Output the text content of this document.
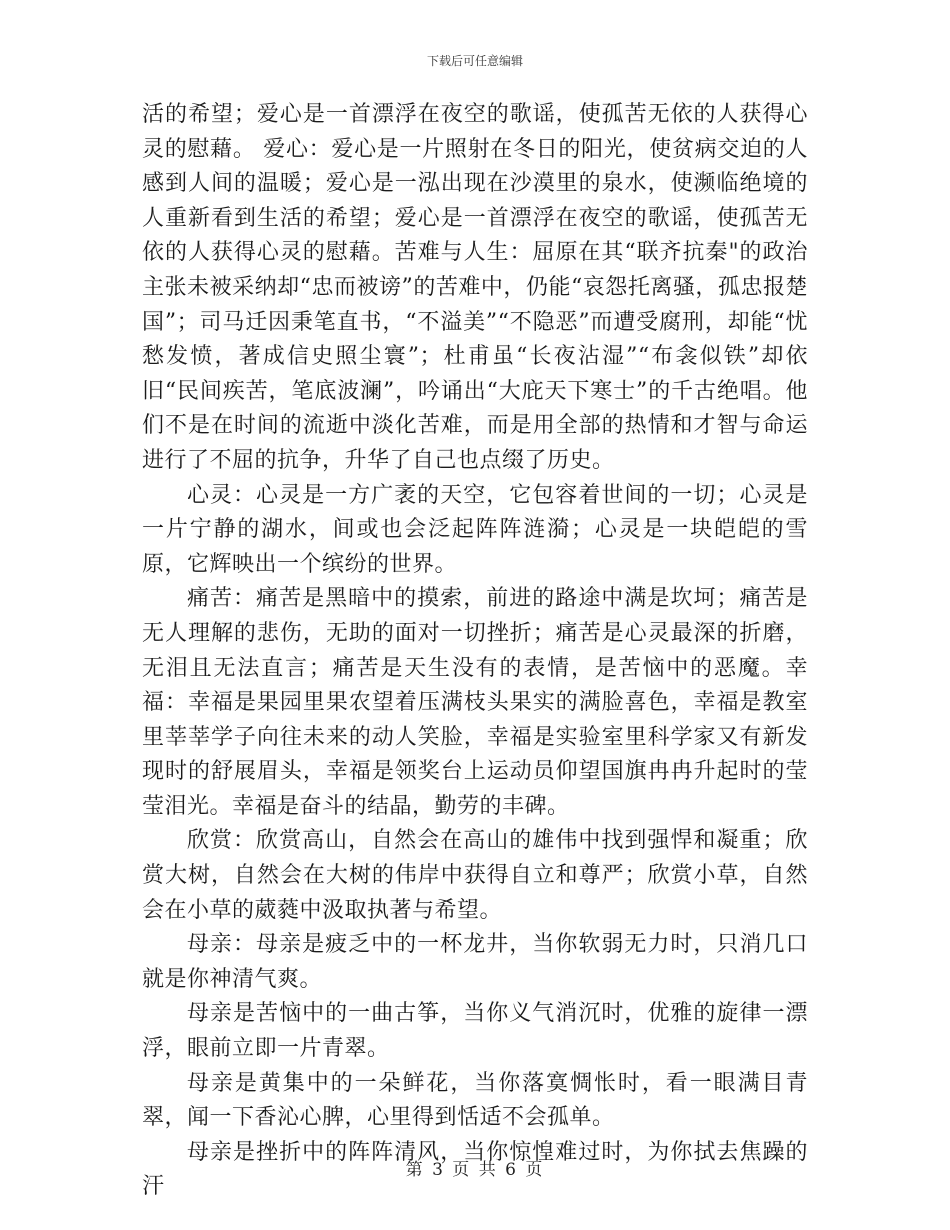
下载后可任意编辑

活的希望；爱心是一首漂浮在夜空的歌谣，使孤苦无依的人获得心灵的慰藉。 爱心：爱心是一片照射在冬日的阳光，使贫病交迫的人感到人间的温暖；爱心是一泓出现在沙漠里的泉水，使濒临绝境的人重新看到生活的希望；爱心是一首漂浮在夜空的歌谣，使孤苦无依的人获得心灵的慰藉。苦难与人生：屈原在其“联齐抗秦"的政治主张未被采纳却“忠而被谤”的苦难中，仍能“哀怨托离骚，孤忠报楚国”；司马迁因秉笔直书，“不溢美”“不隐恶”而遭受腐刑，却能“忧愁发愤，著成信史照尘寰”；杜甫虽“长夜沾湿”“布衾似铁”却依旧“民间疾苦，笔底波澜”，吟诵出“大庇天下寒士”的千古绝唱。他们不是在时间的流逝中淡化苦难，而是用全部的热情和才智与命运进行了不屈的抗争，升华了自己也点缀了历史。

心灵：心灵是一方广袤的天空，它包容着世间的一切；心灵是一片宁静的湖水，间或也会泛起阵阵涟漪；心灵是一块皑皑的雪原，它辉映出一个缤纷的世界。

痛苦：痛苦是黑暗中的摸索，前进的路途中满是坎坷；痛苦是无人理解的悲伤，无助的面对一切挫折；痛苦是心灵最深的折磨，无泪且无法直言；痛苦是天生没有的表情，是苦恼中的恶魔。幸福：幸福是果园里果农望着压满枝头果实的满脸喜色，幸福是教室里莘莘学子向往未来的动人笑脸，幸福是实验室里科学家又有新发现时的舒展眉头，幸福是领奖台上运动员仰望国旗冉冉升起时的莹莹泪光。幸福是奋斗的结晶，勤劳的丰碑。

欣赏：欣赏高山，自然会在高山的雄伟中找到强悍和凝重；欣赏大树，自然会在大树的伟岸中获得自立和尊严；欣赏小草，自然会在小草的葳蕤中汲取执著与希望。

母亲：母亲是疲乏中的一杯龙井，当你软弱无力时，只消几口就是你神清气爽。

母亲是苦恼中的一曲古筝，当你义气消沉时，优雅的旋律一漂浮，眼前立即一片青翠。

母亲是黄集中的一朵鲜花，当你落寞惆怅时，看一眼满目青翠，闻一下香沁心脾，心里得到恬适不会孤单。

母亲是挫折中的阵阵清风，当你惊惶难过时，为你拭去焦躁的汗

第 3 页 共 6 页
